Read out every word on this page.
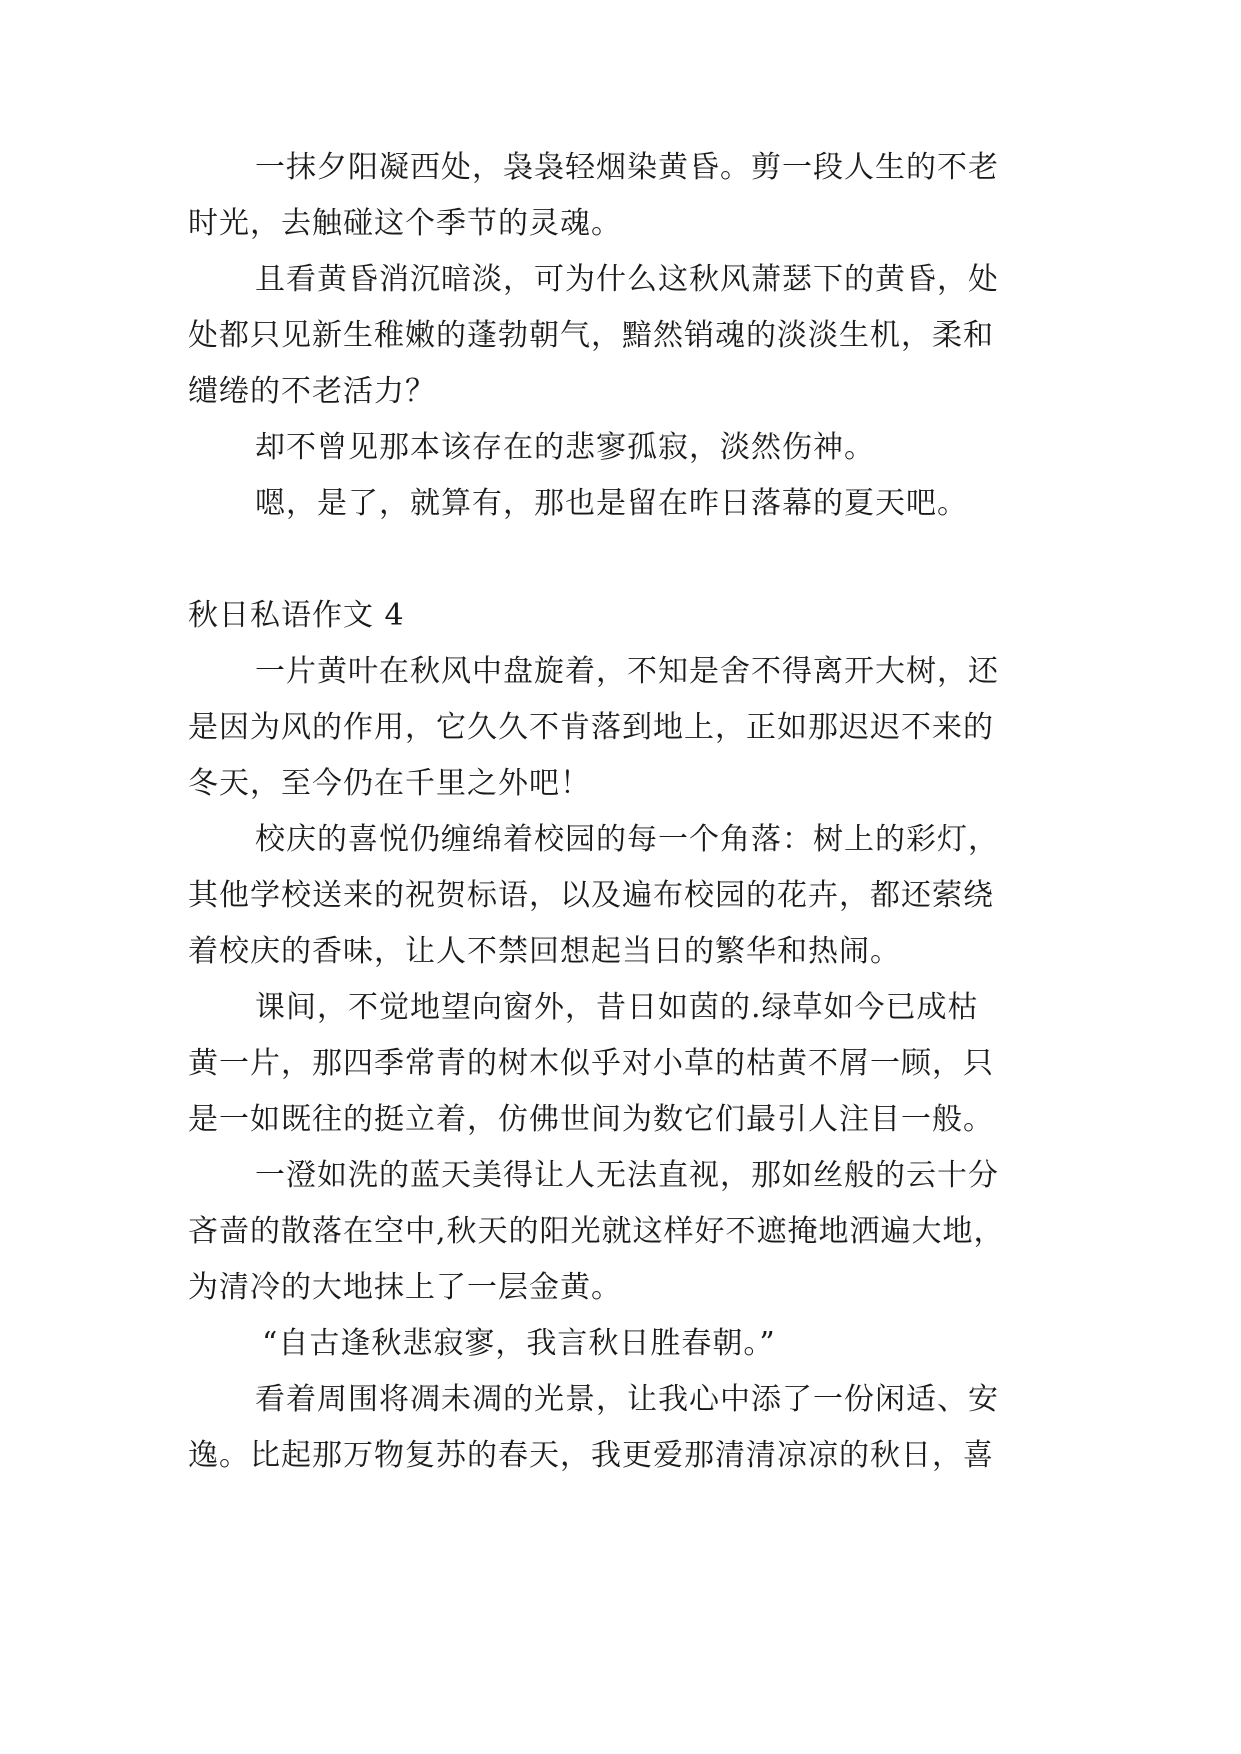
一抹夕阳凝西处，袅袅轻烟染黄昏。剪一段人生的不老
时光，去触碰这个季节的灵魂。
且看黄昏消沉暗淡，可为什么这秋风萧瑟下的黄昏，处
处都只见新生稚嫩的蓬勃朝气，黯然销魂的淡淡生机，柔和
缱绻的不老活力？
却不曾见那本该存在的悲寥孤寂，淡然伤神。
嗯，是了，就算有，那也是留在昨日落幕的夏天吧。
秋日私语作文 4
一片黄叶在秋风中盘旋着，不知是舍不得离开大树，还
是因为风的作用，它久久不肯落到地上，正如那迟迟不来的
冬天，至今仍在千里之外吧！
校庆的喜悦仍缠绵着校园的每一个角落：树上的彩灯，
其他学校送来的祝贺标语，以及遍布校园的花卉，都还萦绕
着校庆的香味，让人不禁回想起当日的繁华和热闹。
课间，不觉地望向窗外，昔日如茵的.绿草如今已成枯
黄一片，那四季常青的树木似乎对小草的枯黄不屑一顾，只
是一如既往的挺立着，仿佛世间为数它们最引人注目一般。
一澄如洗的蓝天美得让人无法直视，那如丝般的云十分
吝啬的散落在空中,秋天的阳光就这样好不遮掩地洒遍大地，
为清冷的大地抹上了一层金黄。
“自古逢秋悲寂寥，我言秋日胜春朝。”
看着周围将凋未凋的光景，让我心中添了一份闲适、安
逸。比起那万物复苏的春天，我更爱那清清凉凉的秋日，喜
